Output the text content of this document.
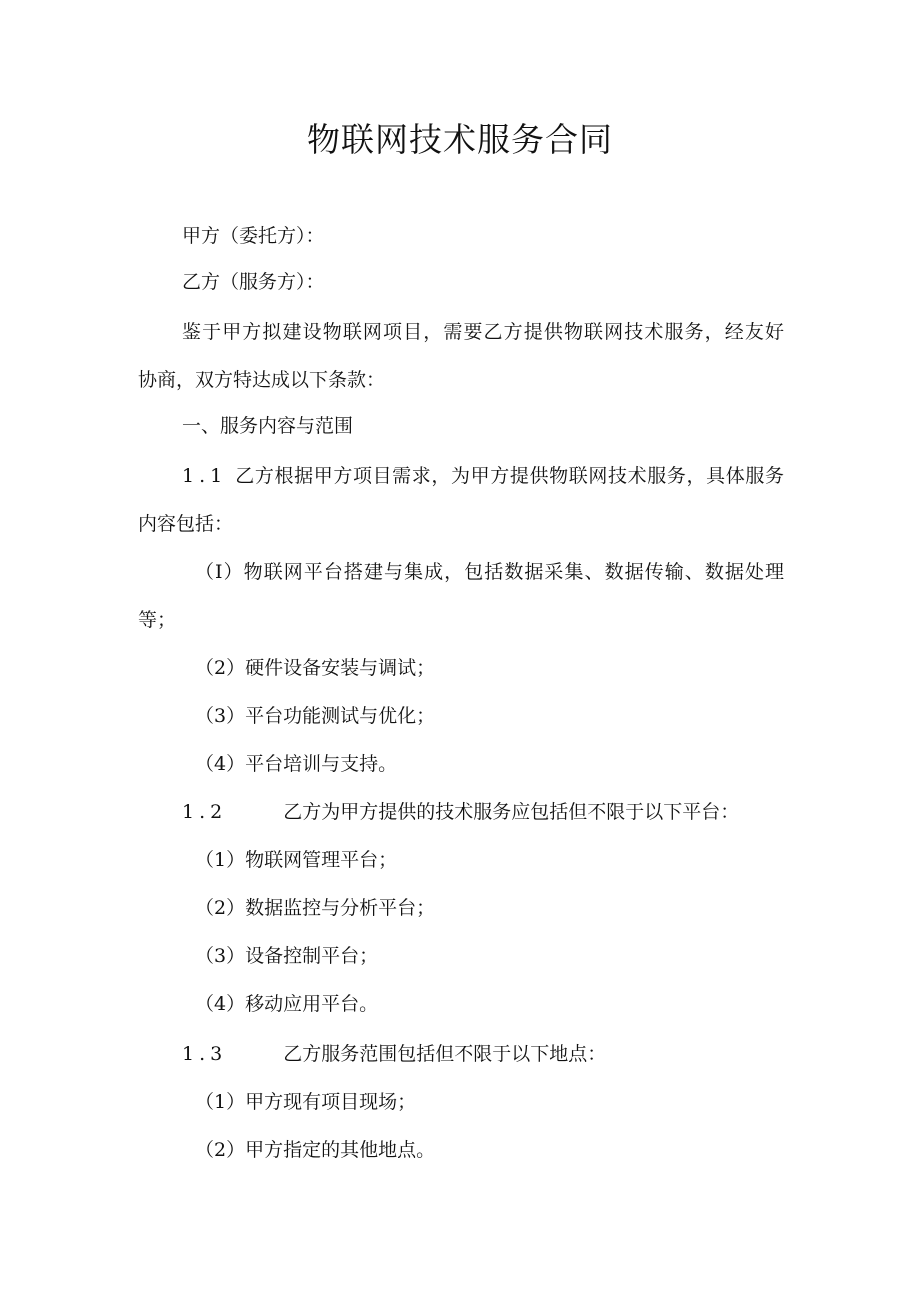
物联网技术服务合同
甲方（委托方）：
乙方（服务方）：
鉴于甲方拟建设物联网项目，需要乙方提供物联网技术服务，经友好
协商，双方特达成以下条款：
一、服务内容与范围
1.1 乙方根据甲方项目需求，为甲方提供物联网技术服务，具体服务
内容包括：
（I）物联网平台搭建与集成，包括数据采集、数据传输、数据处理
等；
（2）硬件设备安装与调试；
（3）平台功能测试与优化；
（4）平台培训与支持。
1.2	乙方为甲方提供的技术服务应包括但不限于以下平台：
（1）物联网管理平台；
（2）数据监控与分析平台；
（3）设备控制平台；
（4）移动应用平台。
1.3	乙方服务范围包括但不限于以下地点：
（1）甲方现有项目现场；
（2）甲方指定的其他地点。
